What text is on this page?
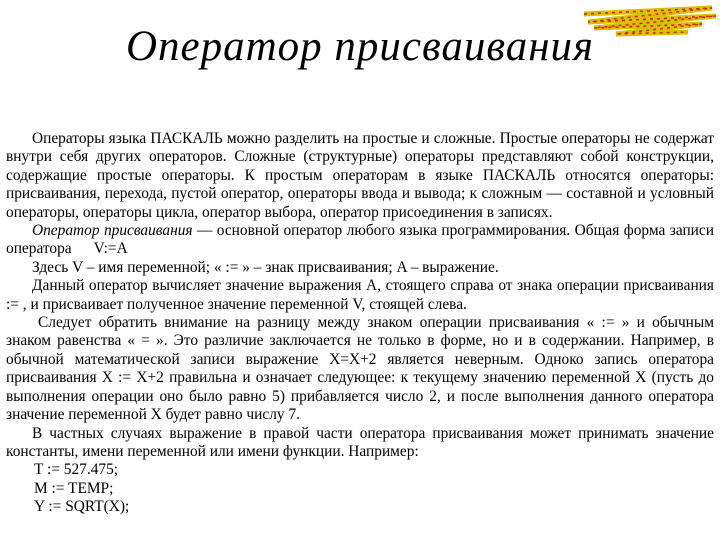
Оператор присваивания

Операторы языка ПАСКАЛЬ можно разделить на простые и сложные. Простые операторы не содержат внутри себя других операторов. Сложные (структурные) операторы представляют собой конструкции, содержащие простые операторы. К простым операторам в языке ПАСКАЛЬ относятся операторы: присваивания, перехода, пустой оператор, операторы ввода и вывода; к сложным — составной и условный операторы, операторы цикла, оператор выбора, оператор присоединения в записях.

Оператор присваивания — основной оператор любого языка программирования. Общая форма записи оператора V:=A

Здесь V – имя переменной; « := » – знак присваивания; A – выражение.

Данный оператор вычисляет значение выражения A, стоящего справа от знака операции присваивания := , и присваивает полученное значение переменной V, стоящей слева.

Следует обратить внимание на разницу между знаком операции присваивания « := » и обычным знаком равенства « = ». Это различие заключается не только в форме, но и в содержании. Например, в обычной математической записи выражение X=X+2 является неверным. Одноко запись оператора присваивания X := X+2 правильна и означает следующее: к текущему значению переменной X (пусть до выполнения операции оно было равно 5) прибавляется число 2, и после выполнения данного оператора значение переменной X будет равно числу 7.

В частных случаях выражение в правой части оператора присваивания может принимать значение константы, имени переменной или имени функции. Например:

T := 527.475;

M := TEMP;

Y := SQRT(X);
